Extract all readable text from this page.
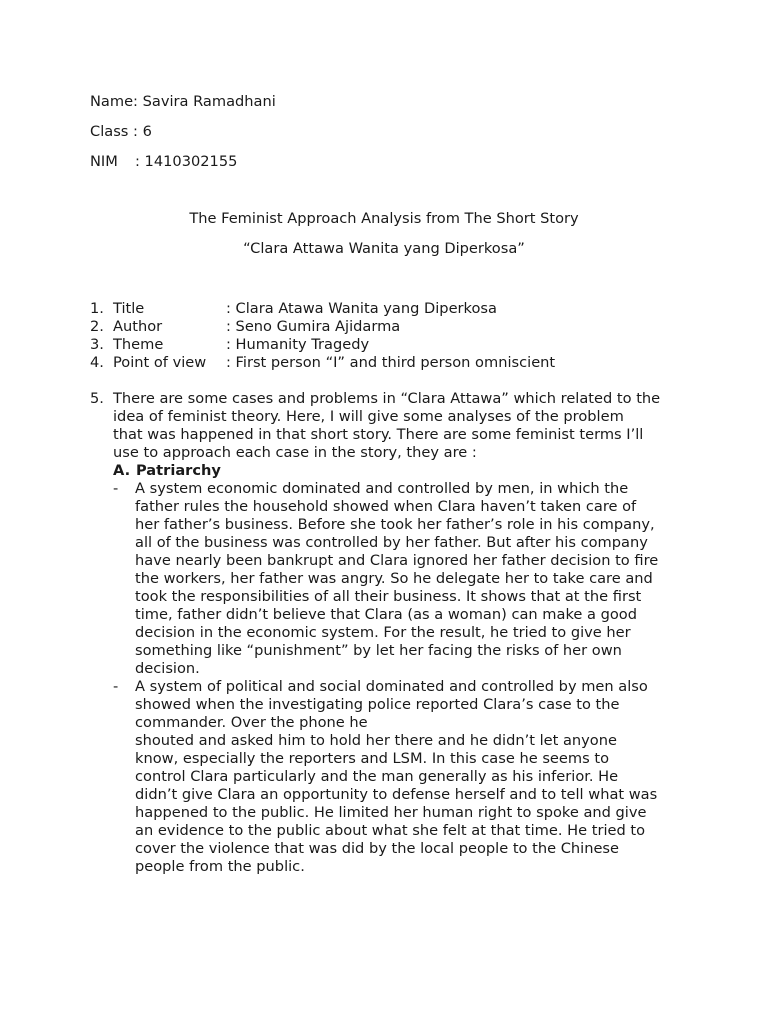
Name: Savira Ramadhani
Class : 6
NIM : 1410302155
The Feminist Approach Analysis from The Short Story
“Clara Attawa Wanita yang Diperkosa”
1. Title	: Clara Atawa Wanita yang Diperkosa
2. Author	: Seno Gumira Ajidarma
3. Theme	: Humanity Tragedy
4. Point of view : First person “I” and third person omniscient
5. There are some cases and problems in “Clara Attawa” which related to the
idea of feminist theory. Here, I will give some analyses of the problem
that was happened in that short story. There are some feminist terms I’ll
use to approach each case in the story, they are :

A. Patriarchy

- A system economic dominated and controlled by men, in which the
father rules the household showed when Clara haven’t taken care of
her father’s business. Before she took her father’s role in his company,
all of the business was controlled by her father. But after his company
have nearly been bankrupt and Clara ignored her father decision to fire
the workers, her father was angry. So he delegate her to take care and
took the responsibilities of all their business. It shows that at the first
time, father didn’t believe that Clara (as a woman) can make a good
decision in the economic system. For the result, he tried to give her
something like “punishment” by let her facing the risks of her own
decision.
- A system of political and social dominated and controlled by men also
showed when the investigating police reported Clara’s case to the
commander. Over the phone he
shouted and asked him to hold her there and he didn’t let anyone
know, especially the reporters and LSM. In this case he seems to
control Clara particularly and the man generally as his inferior. He
didn’t give Clara an opportunity to defense herself and to tell what was
happened to the public. He limited her human right to spoke and give
an evidence to the public about what she felt at that time. He tried to
cover the violence that was did by the local people to the Chinese
people from the public.
